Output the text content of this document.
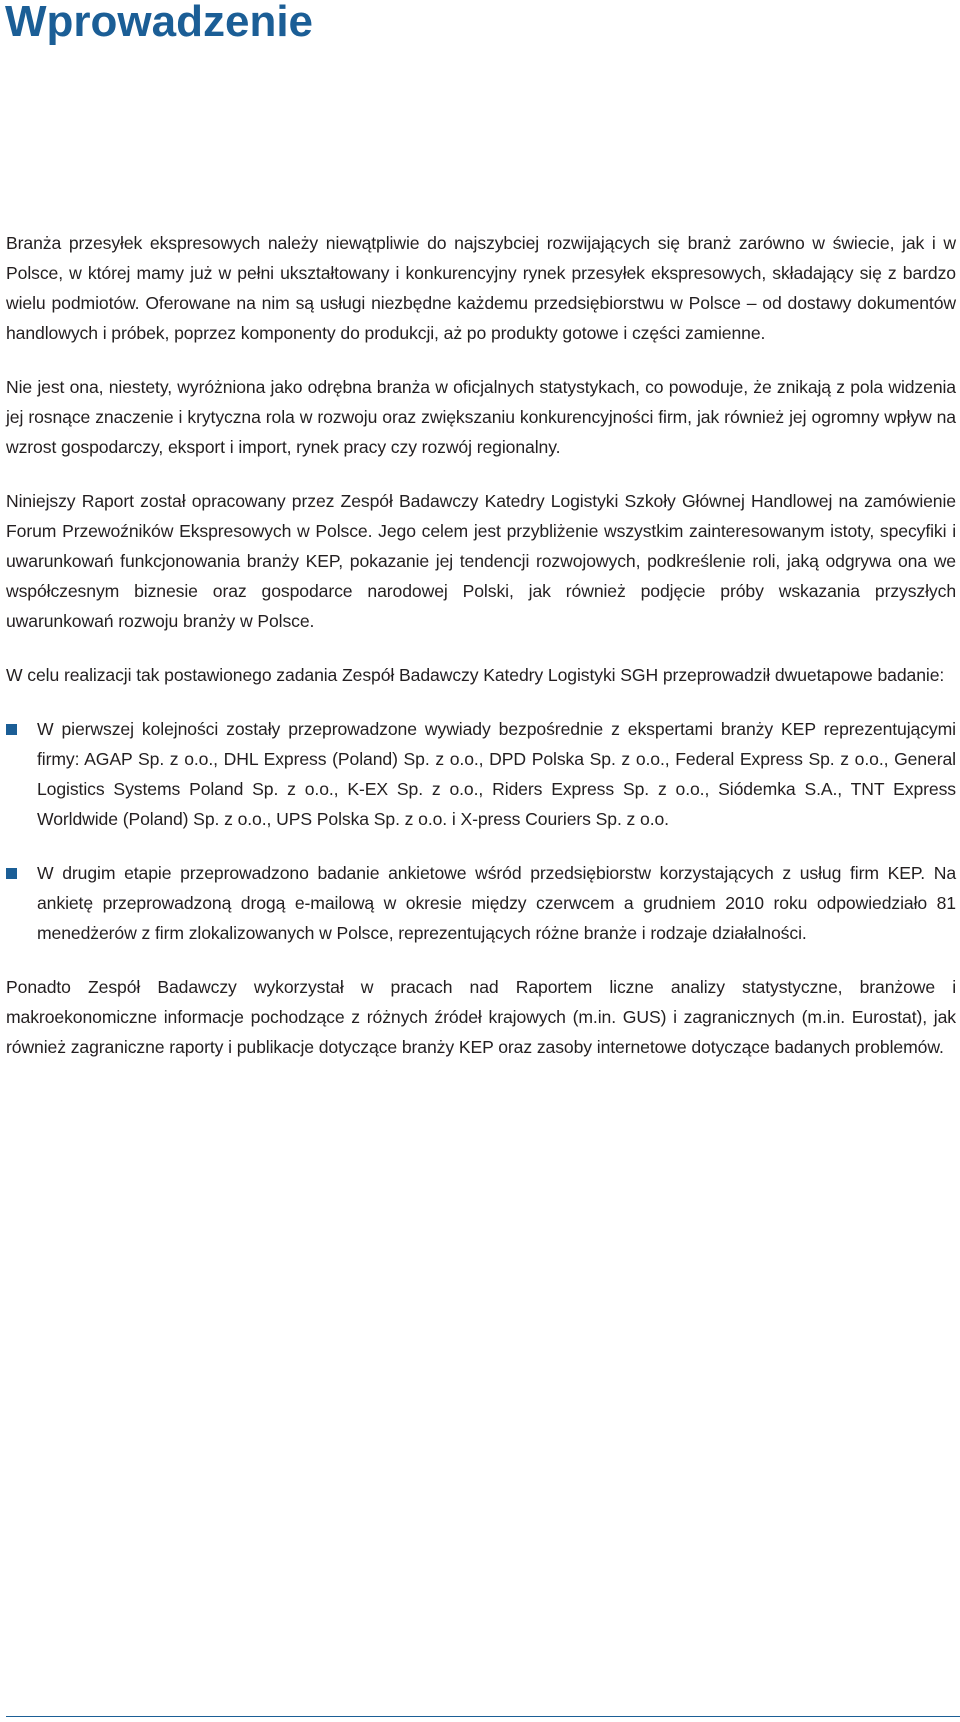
Wprowadzenie

Branża przesyłek ekspresowych należy niewątpliwie do najszybciej rozwijających się branż zarówno w świecie, jak i w Polsce, w której mamy już w pełni ukształtowany i konkurencyjny rynek przesyłek ekspresowych, składający się z bardzo wielu podmiotów. Oferowane na nim są usługi niezbędne każdemu przedsiębiorstwu w Polsce – od dostawy dokumentów handlowych i próbek, poprzez komponenty do produkcji, aż po produkty gotowe i części zamienne.

Nie jest ona, niestety, wyróżniona jako odrębna branża w oficjalnych statystykach, co powoduje, że znikają z pola widzenia jej rosnące znaczenie i krytyczna rola w rozwoju oraz zwiększaniu konkurencyjności firm, jak również jej ogromny wpływ na wzrost gospodarczy, eksport i import, rynek pracy czy rozwój regionalny.

Niniejszy Raport został opracowany przez Zespół Badawczy Katedry Logistyki Szkoły Głównej Handlowej na zamówienie Forum Przewoźników Ekspresowych w Polsce. Jego celem jest przybliżenie wszystkim zainteresowanym istoty, specyfiki i uwarunkowań funkcjonowania branży KEP, pokazanie jej tendencji rozwojowych, podkreślenie roli, jaką odgrywa ona we współczesnym biznesie oraz gospodarce narodowej Polski, jak również podjęcie próby wskazania przyszłych uwarunkowań rozwoju branży w Polsce.

W celu realizacji tak postawionego zadania Zespół Badawczy Katedry Logistyki SGH przeprowadził dwuetapowe badanie:

W pierwszej kolejności zostały przeprowadzone wywiady bezpośrednie z ekspertami branży KEP reprezentującymi firmy: AGAP Sp. z o.o., DHL Express (Poland) Sp. z o.o., DPD Polska Sp. z o.o., Federal Express Sp. z o.o., General Logistics Systems Poland Sp. z o.o., K-EX Sp. z o.o., Riders Express Sp. z o.o., Siódemka S.A., TNT Express Worldwide (Poland) Sp. z o.o., UPS Polska Sp. z o.o. i X-press Couriers Sp. z o.o.
W drugim etapie przeprowadzono badanie ankietowe wśród przedsiębiorstw korzystających z usług firm KEP. Na ankietę przeprowadzoną drogą e-mailową w okresie między czerwcem a grudniem 2010 roku odpowiedziało 81 menedżerów z firm zlokalizowanych w Polsce, reprezentujących różne branże i rodzaje działalności.

Ponadto Zespół Badawczy wykorzystał w pracach nad Raportem liczne analizy statystyczne, branżowe i makroekonomiczne informacje pochodzące z różnych źródeł krajowych (m.in. GUS) i zagranicznych (m.in. Eurostat), jak również zagraniczne raporty i publikacje dotyczące branży KEP oraz zasoby internetowe dotyczące badanych problemów.
